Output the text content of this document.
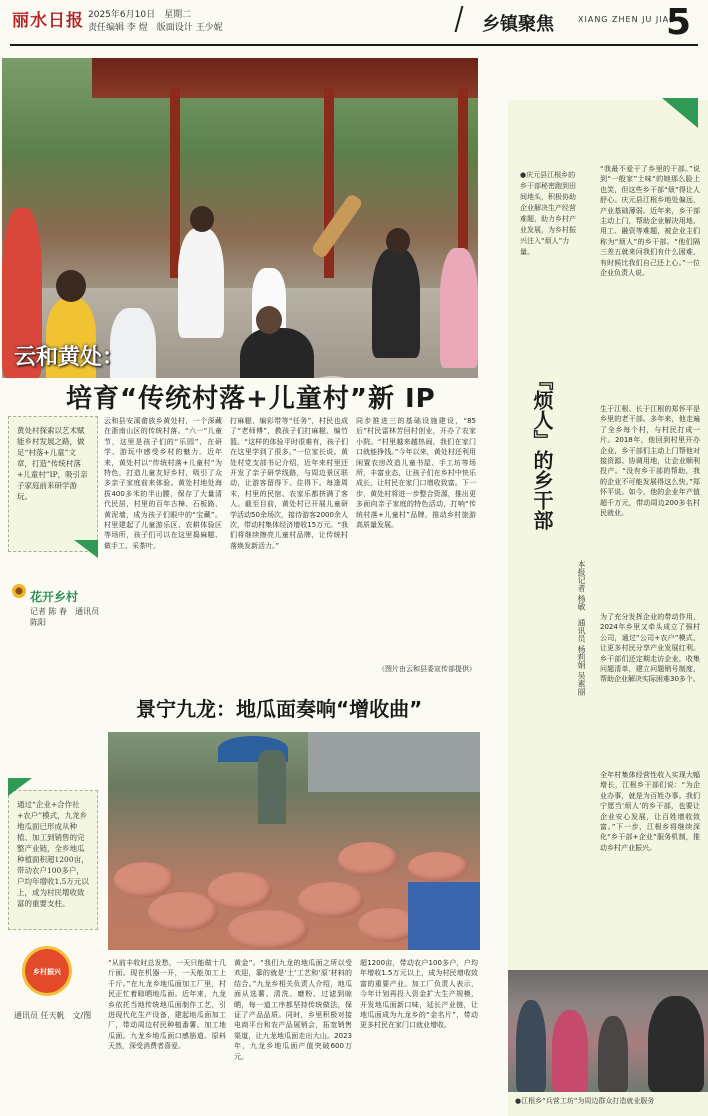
丽水日报 2025年6月10日　星期二
责任编辑 李 煜　版面设计 王少妮	乡镇聚焦	XIANG ZHEN JU JIAO
5
云和黄处：
培育“传统村落+儿童村”新 IP
黄处村探索以艺术赋能乡村发展之路，做足“村落+儿童”文章，打造“传统村落+儿童村”IP，吸引亲子家庭前来研学游玩。
花开乡村
记者 陈 春　通讯员 陈阳
云和县安溪畲族乡黄处村，一个深藏在浙南山区的传统村落。“六一”儿童节，这里是孩子们的“乐园”，在研学、游玩中感受乡村的魅力。近年来，黄处村以“传统村落+儿童村”为特色，打造儿童友好乡村，吸引了众多亲子家庭前来体验。黄处村地处海拔400多米的半山腰，保存了大量清代民居，村里的百年古樟、石板路、黄泥墙，成为孩子们眼中的“宝藏”。村里建起了儿童游乐区、农耕体验区等场所，孩子们可以在这里捣麻糍、做手工、采茶叶。
打麻糍、编彩带等“任务”，村民也成了“老师傅”，教孩子们打麻糍、编竹篮。“这样的体验平时很难有，孩子们在这里学到了很多。”一位家长说。黄处村党支部书记介绍，近年来村里还开发了亲子研学线路，与周边景区联动，让游客留得下、住得下。每逢周末，村里的民宿、农家乐都挤满了客人。截至目前，黄处村已开展儿童研学活动50余场次，接待游客2000余人次，带动村集体经济增收15万元。“我们将继续擦亮儿童村品牌，让传统村落焕发新活力。”
同步推进三的基础设施建设，“85后”村民雷林芳回村创业，开办了农家小院。“村里越来越热闹，我们在家门口就能挣钱。”今年以来，黄处村还利用闲置农房改造儿童书屋、手工坊等场所，丰富业态，让孩子们在乡村中快乐成长，让村民在家门口增收致富。下一步，黄处村将进一步整合资源，推出更多面向亲子家庭的特色活动，打响“传统村落+儿童村”品牌，推动乡村旅游高质量发展。
（图片由云和县委宣传部提供）
景宁九龙：地瓜面奏响“增收曲”
通过“企业+合作社+农户”模式，九龙乡地瓜面已形成从种植、加工到销售的完整产业链，全乡地瓜种植面积超1200亩，带动农户100多户，户均年增收1.5万元以上，成为村民增收致富的重要支柱。
乡村振兴
通讯员 任天帆　文/图
“从前丰收时总发愁，一天只能做十几斤面。现在机器一开，一天能加工上千斤。”在九龙乡地瓜面加工厂里，村民正忙着晾晒地瓜面。近年来，九龙乡依托当地传统地瓜面制作工艺，引进现代化生产设备，建起地瓜面加工厂，带动周边村民种植番薯、加工地瓜面。九龙乡地瓜面口感筋道、原料天然，深受消费者喜爱。
黄金”。“我们九龙的地瓜面之所以受欢迎，靠的就是‘土’工艺和‘原’材料的结合。”九龙乡相关负责人介绍，地瓜面从选薯、清洗、磨粉、过滤到晾晒，每一道工序都坚持传统做法，保证了产品品质。同时，乡里积极对接电商平台和农产品展销会，拓宽销售渠道，让九龙地瓜面走出大山。2023年，九龙乡地瓜面产值突破600万元。
超1200亩，带动农户100多户，户均年增收1.5万元以上，成为村民增收致富的重要产业。加工厂负责人表示，今年计划再投入资金扩大生产规模，开发地瓜面新口味，延长产业链，让地瓜面成为九龙乡的“金名片”，带动更多村民在家门口就业增收。
●庆元县江根乡的乡干部秘密跑到田间地头，积极协助企业解决生产经营难题，助力乡村产业发展，为乡村振兴注入“烦人”力量。
『烦人』的乡干部
本报记者 杨敏　通讯员 杨莉娟 吴素丽
“我最不爱干了乡里的干部。”说到“一般家”土味“的她那么脸上也笑，但这些乡干部“烦”得让人舒心。庆元县江根乡地处偏远，产业基础薄弱。近年来，乡干部主动上门，帮助企业解决用地、用工、融资等难题，被企业主们称为“烦人”的乡干部。“他们隔三差五就来问我们有什么困难，有时候比我们自己还上心。”一位企业负责人说。
生于江根、长于江根的郑怀平是乡里的老干部。多年来，他走遍了全乡每个村，与村民打成一片。2018年，他回到村里开办企业，乡干部们主动上门帮他对接资源、协调用地，让企业顺利投产。“没有乡干部的帮助，我的企业不可能发展得这么快。”郑怀平说。如今，他的企业年产值超千万元，带动周边200多名村民就业。
为了充分发挥企业的带动作用，2024年乡里又牵头成立了强村公司，通过“公司+农户”模式，让更多村民分享产业发展红利。乡干部们还定期走访企业，收集问题清单，建立问题销号制度，帮助企业解决实际困难30多个。
全年村集体经营性收入实现大幅增长，江根乡干部们说：“为企业办事，就是为百姓办事。我们宁愿当‘烦人’的乡干部，也要让企业安心发展，让百姓增收致富。”下一步，江根乡将继续深化“乡干部+企业”服务机制，推动乡村产业振兴。
●江根乡“兵营工坊”为周边群众打造就业服务
